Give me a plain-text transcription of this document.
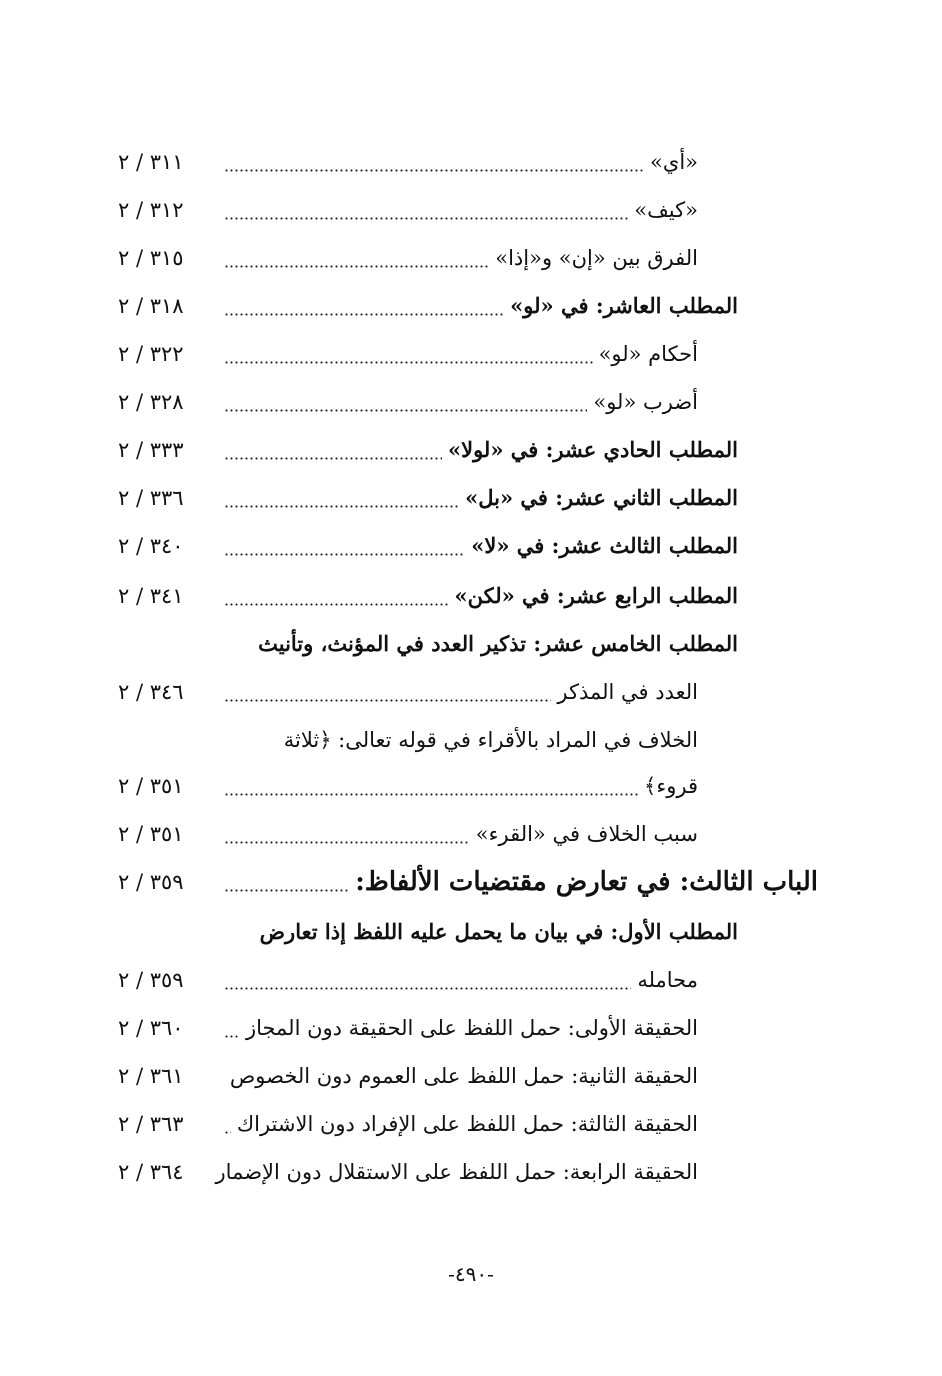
«أي»
٣١١ / ٢
«كيف»
٣١٢ / ٢
الفرق بين «إن» و«إذا»
٣١٥ / ٢
المطلب العاشر: في «لو»
٣١٨ / ٢
أحكام «لو»
٣٢٢ / ٢
أضرب «لو»
٣٢٨ / ٢
المطلب الحادي عشر: في «لولا»
٣٣٣ / ٢
المطلب الثاني عشر: في «بل»
٣٣٦ / ٢
المطلب الثالث عشر: في «لا»
٣٤٠ / ٢
المطلب الرابع عشر: في «لكن»
٣٤١ / ٢
المطلب الخامس عشر: تذكير العدد في المؤنث، وتأنيث
العدد في المذكر
٣٤٦ / ٢
الخلاف في المراد بالأقراء في قوله تعالى: ﴿ثلاثة
قروء﴾
٣٥١ / ٢
سبب الخلاف في «القرء»
٣٥١ / ٢
الباب الثالث: في تعارض مقتضيات الألفاظ:
٣٥٩ / ٢
المطلب الأول: في بيان ما يحمل عليه اللفظ إذا تعارض
محامله
٣٥٩ / ٢
الحقيقة الأولى: حمل اللفظ على الحقيقة دون المجاز
٣٦٠ / ٢
الحقيقة الثانية: حمل اللفظ على العموم دون الخصوص
٣٦١ / ٢
الحقيقة الثالثة: حمل اللفظ على الإفراد دون الاشتراك
٣٦٣ / ٢
الحقيقة الرابعة: حمل اللفظ على الاستقلال دون الإضمار
٣٦٤ / ٢
-٤٩٠-
